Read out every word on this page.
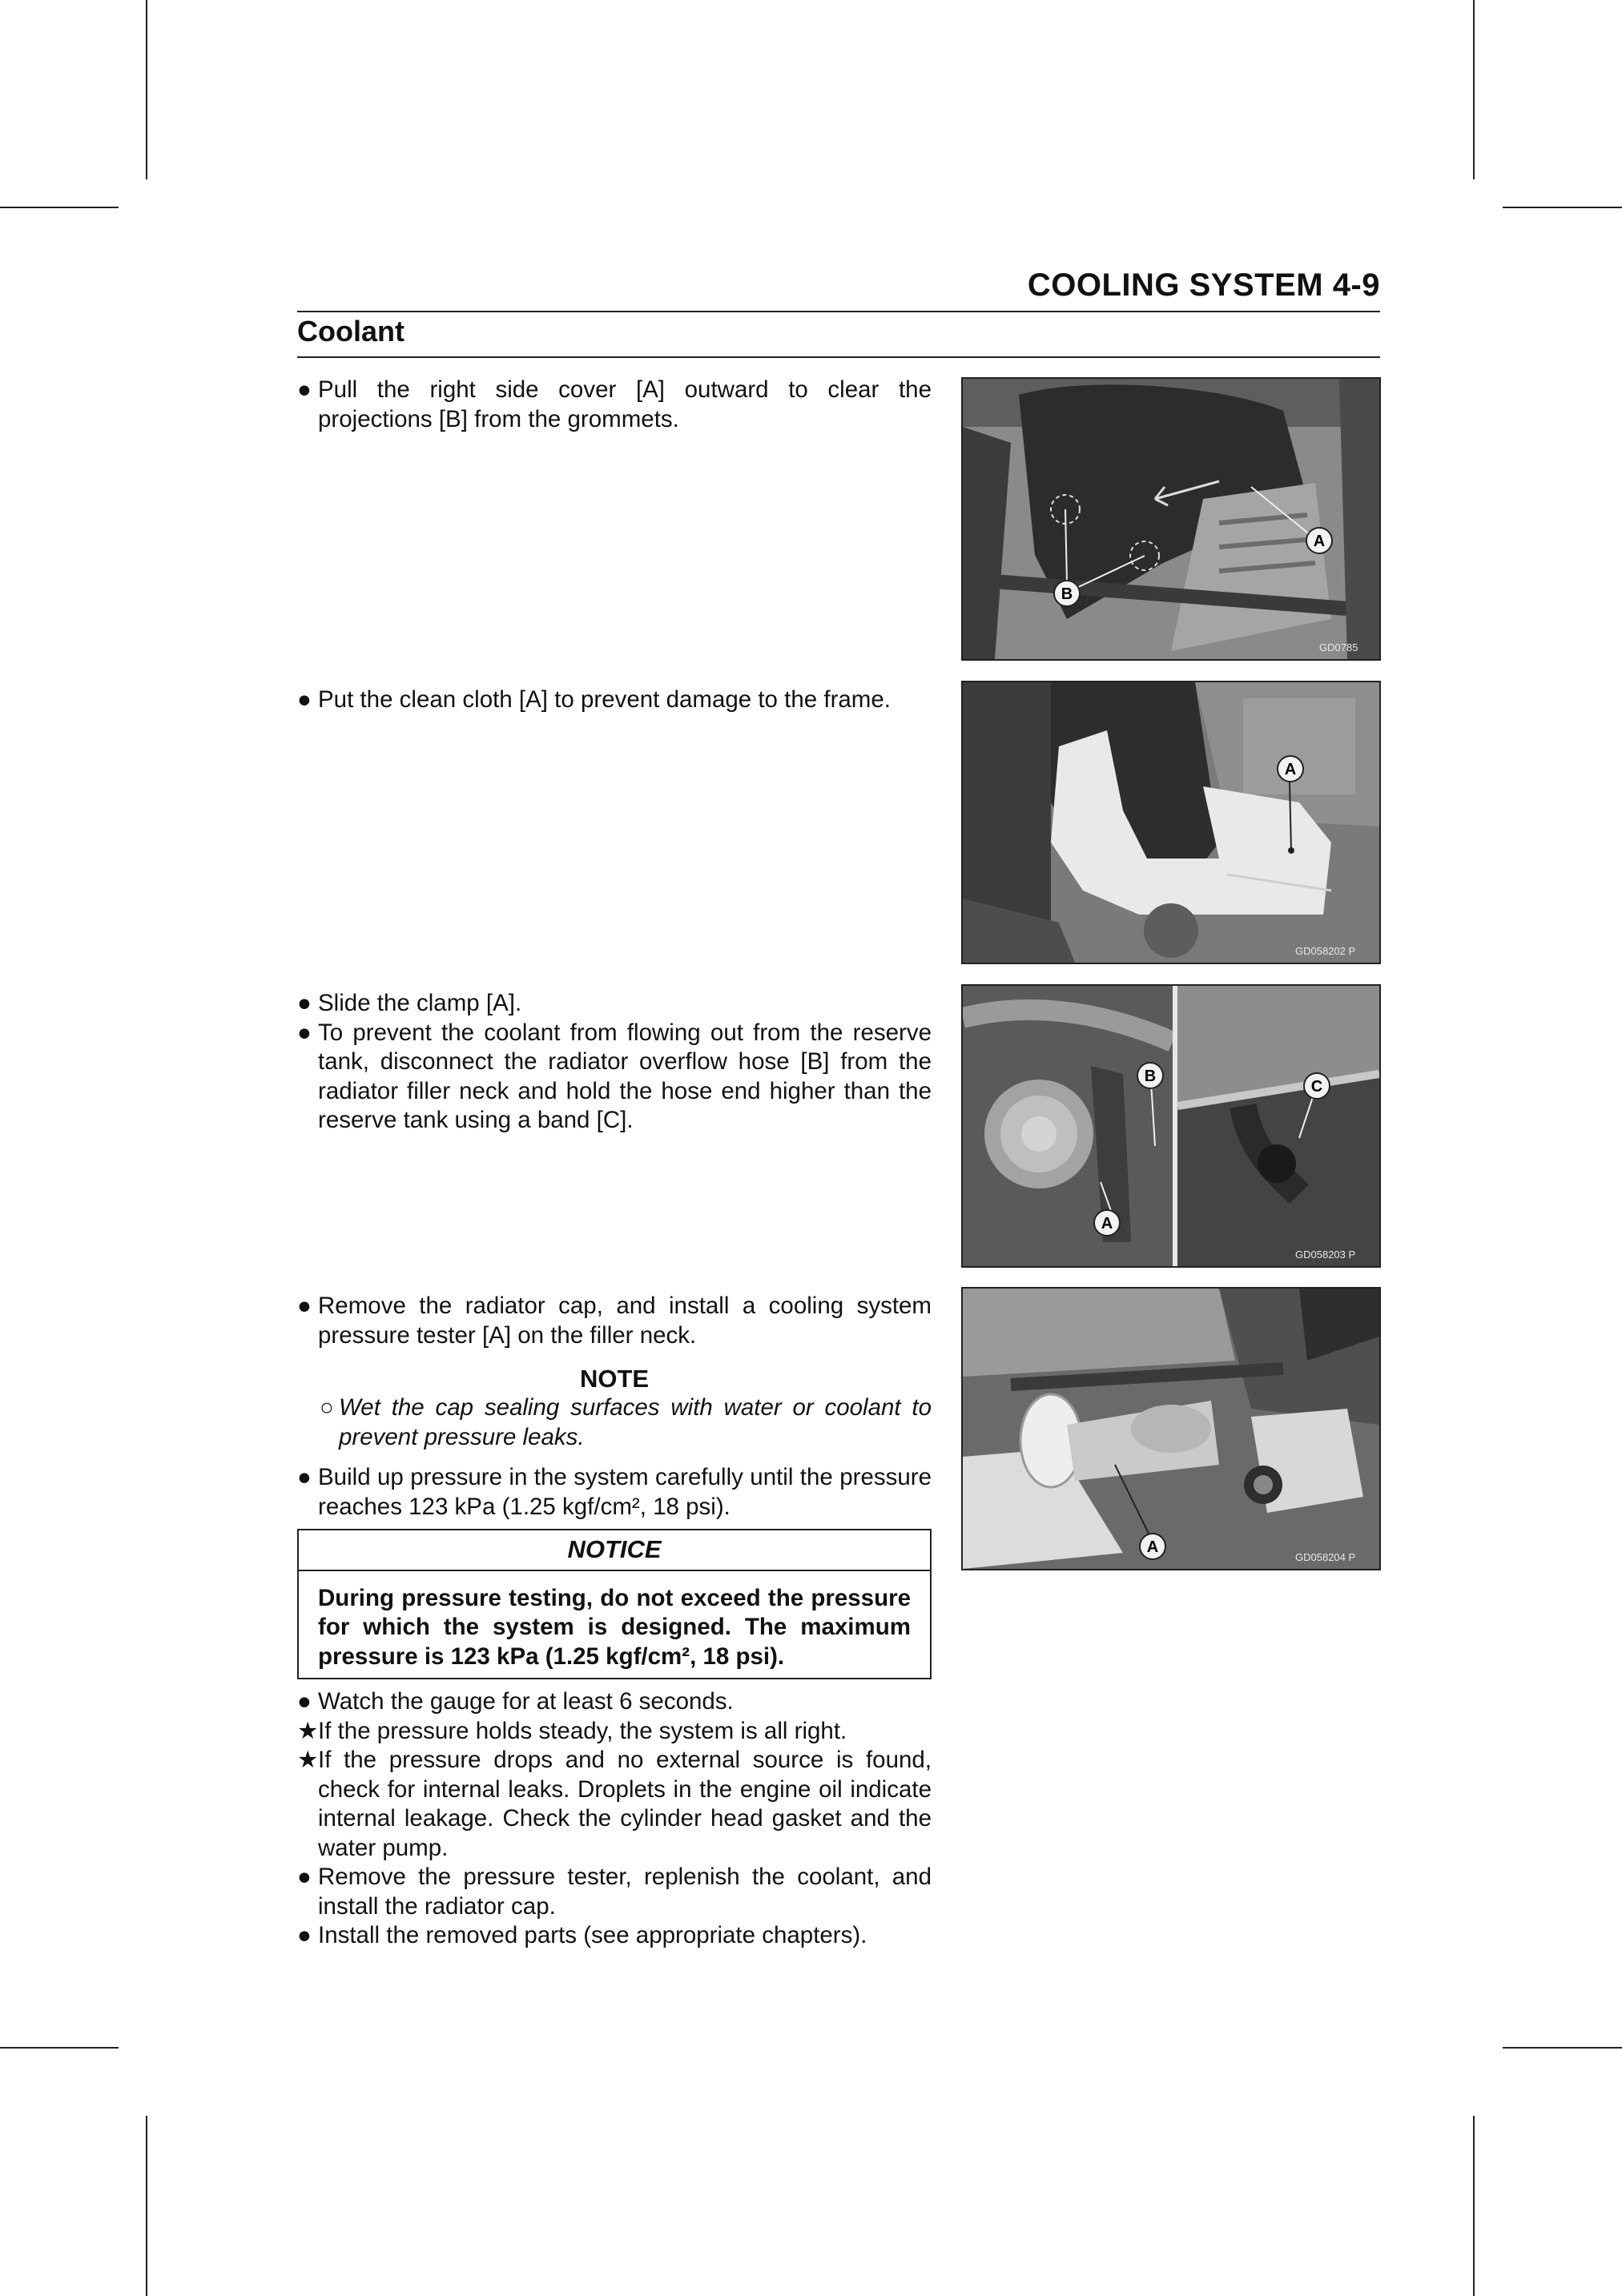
COOLING SYSTEM 4-9
Coolant
● Pull the right side cover [A] outward to clear the projections [B] from the grommets.
● Put the clean cloth [A] to prevent damage to the frame.
● Slide the clamp [A].
● To prevent the coolant from flowing out from the reserve tank, disconnect the radiator overflow hose [B] from the radiator filler neck and hold the hose end higher than the reserve tank using a band [C].
● Remove the radiator cap, and install a cooling system pressure tester [A] on the filler neck.
NOTE
○ Wet the cap sealing surfaces with water or coolant to prevent pressure leaks.
● Build up pressure in the system carefully until the pressure reaches 123 kPa (1.25 kgf/cm², 18 psi).
NOTICE
During pressure testing, do not exceed the pressure for which the system is designed. The maximum pressure is 123 kPa (1.25 kgf/cm², 18 psi).
● Watch the gauge for at least 6 seconds.
★ If the pressure holds steady, the system is all right.
★ If the pressure drops and no external source is found, check for internal leaks. Droplets in the engine oil indicate internal leakage. Check the cylinder head gasket and the water pump.
● Remove the pressure tester, replenish the coolant, and install the radiator cap.
● Install the removed parts (see appropriate chapters).
A
B
GD0785
A
GD058202 P
B
C
A
GD058203 P
A
GD058204 P
